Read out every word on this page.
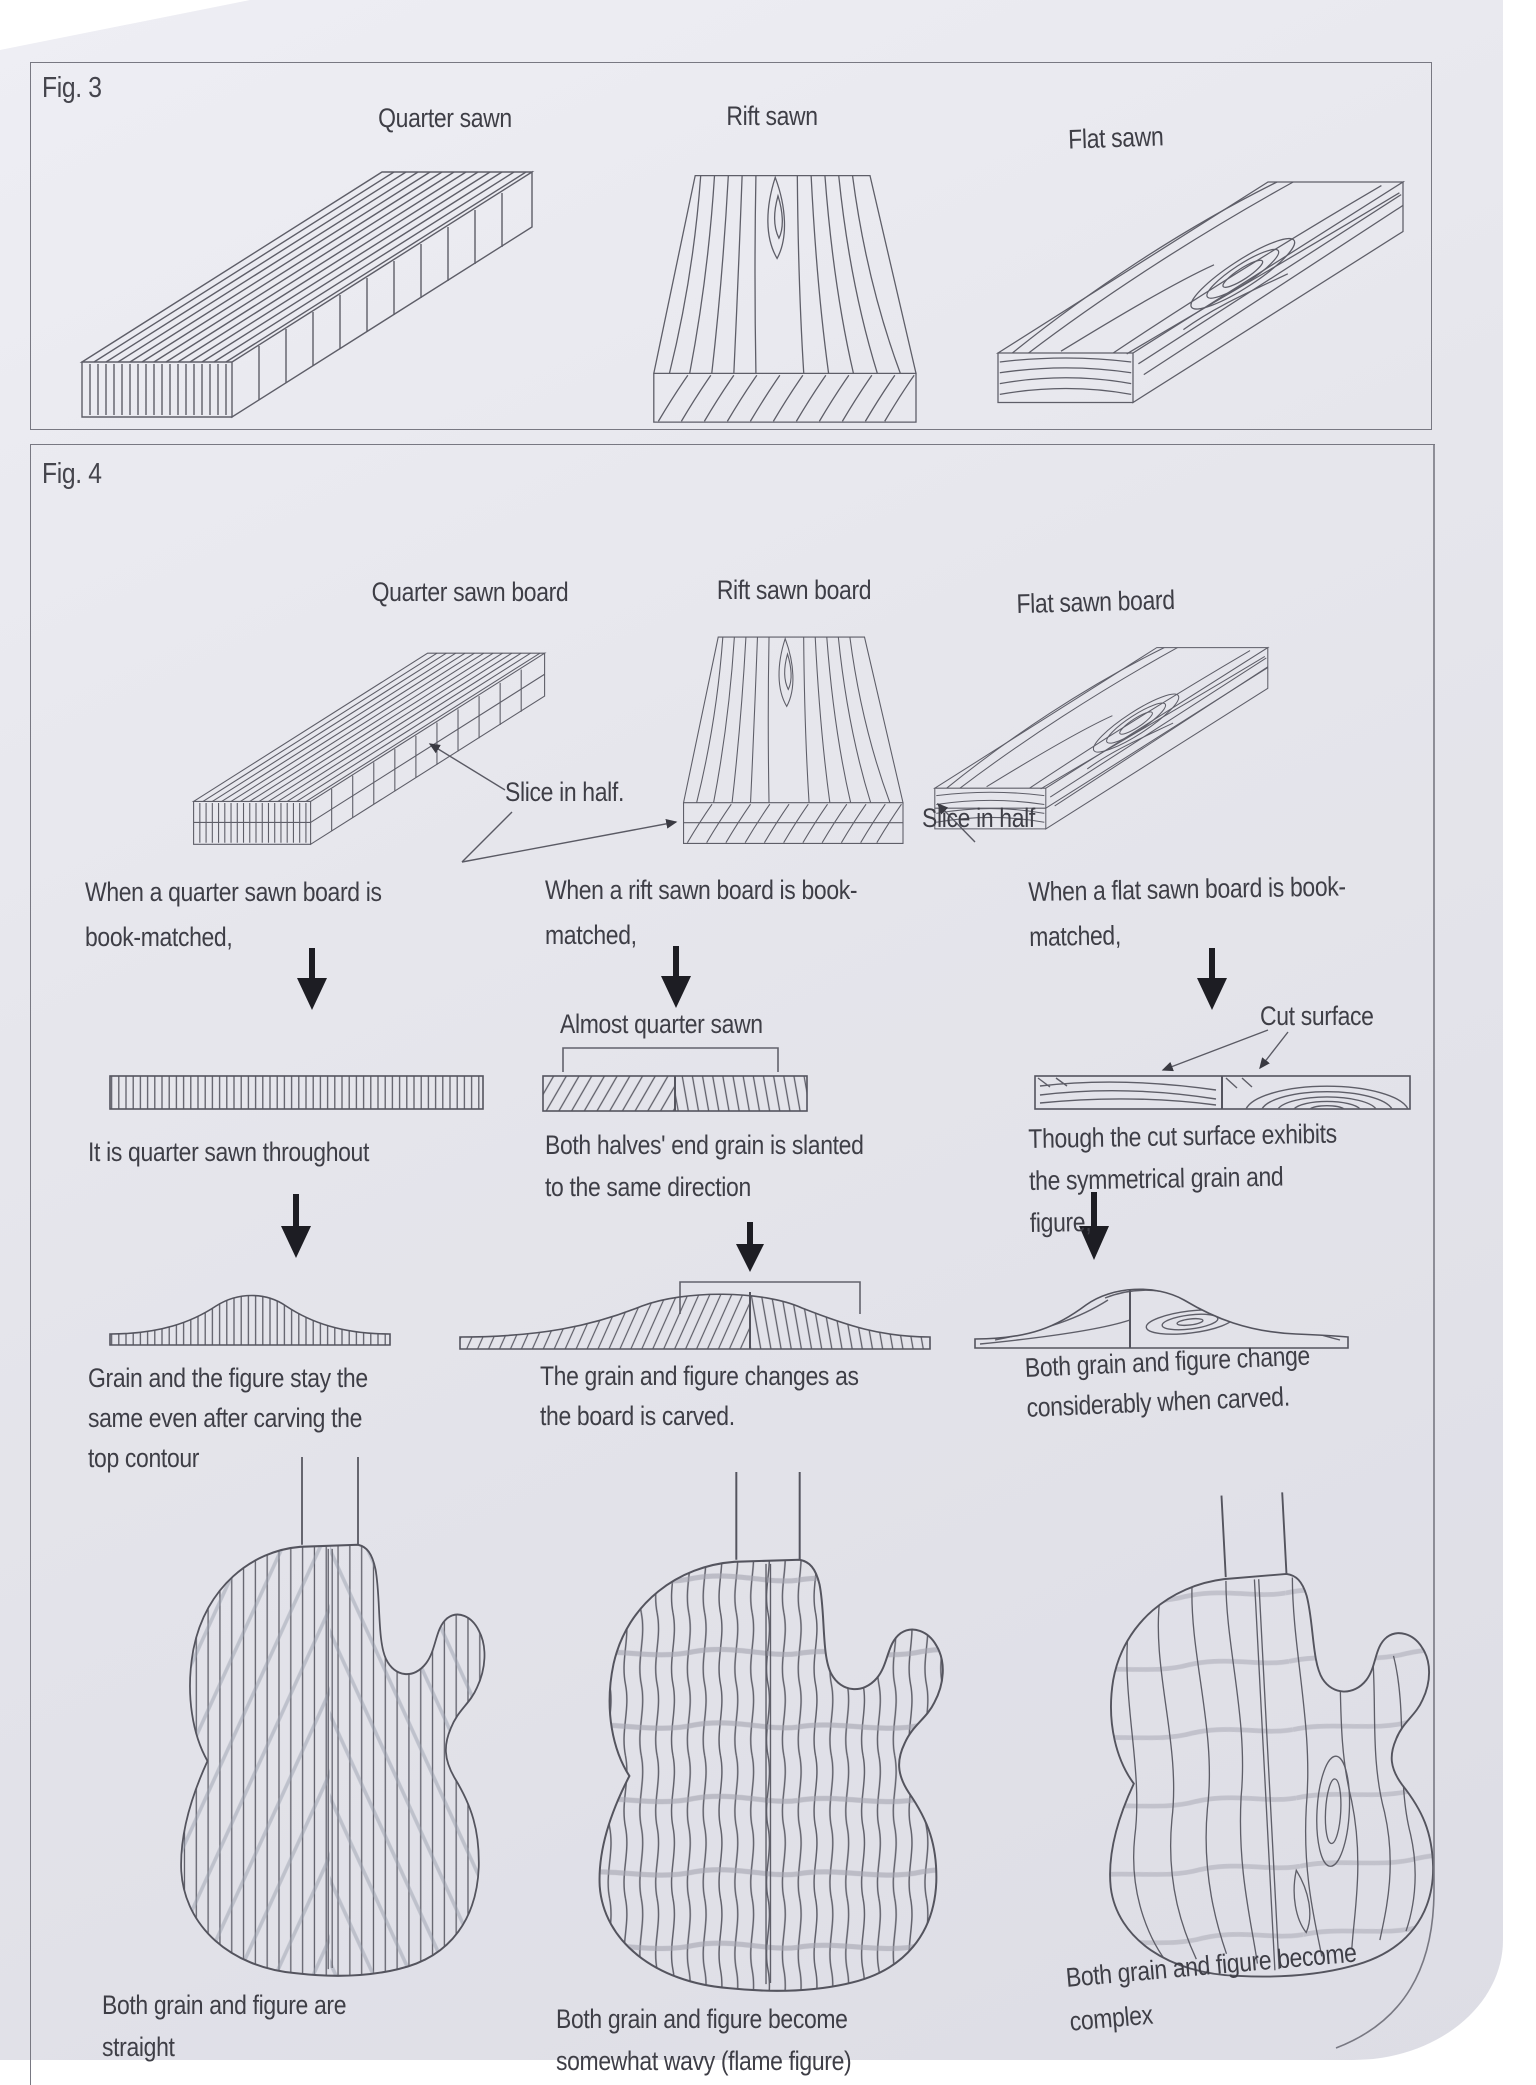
Fig. 3
Quarter sawn	Rift sawn
Flat sawn
Fig. 4
Quarter sawn board	Rift sawn board	Flat sawn board
Slice in half.
Slice in half
When a quarter sawn board is
book-matched,
When a rift sawn board is book-
matched,
When a flat sawn board is book-
matched,
Almost quarter sawn	Cut surface
It is quarter sawn throughout	Both halves' end grain is slanted
to the same direction
Though the cut surface exhibits
the symmetrical grain and
figure,
Grain and the figure stay the
same even after carving the
top contour
The grain and figure changes as
the board is carved.
Both grain and figure change
considerably when carved.
Both grain and figure are
straight
Both grain and figure become
somewhat wavy (flame figure)
Both grain and figure become
complex
